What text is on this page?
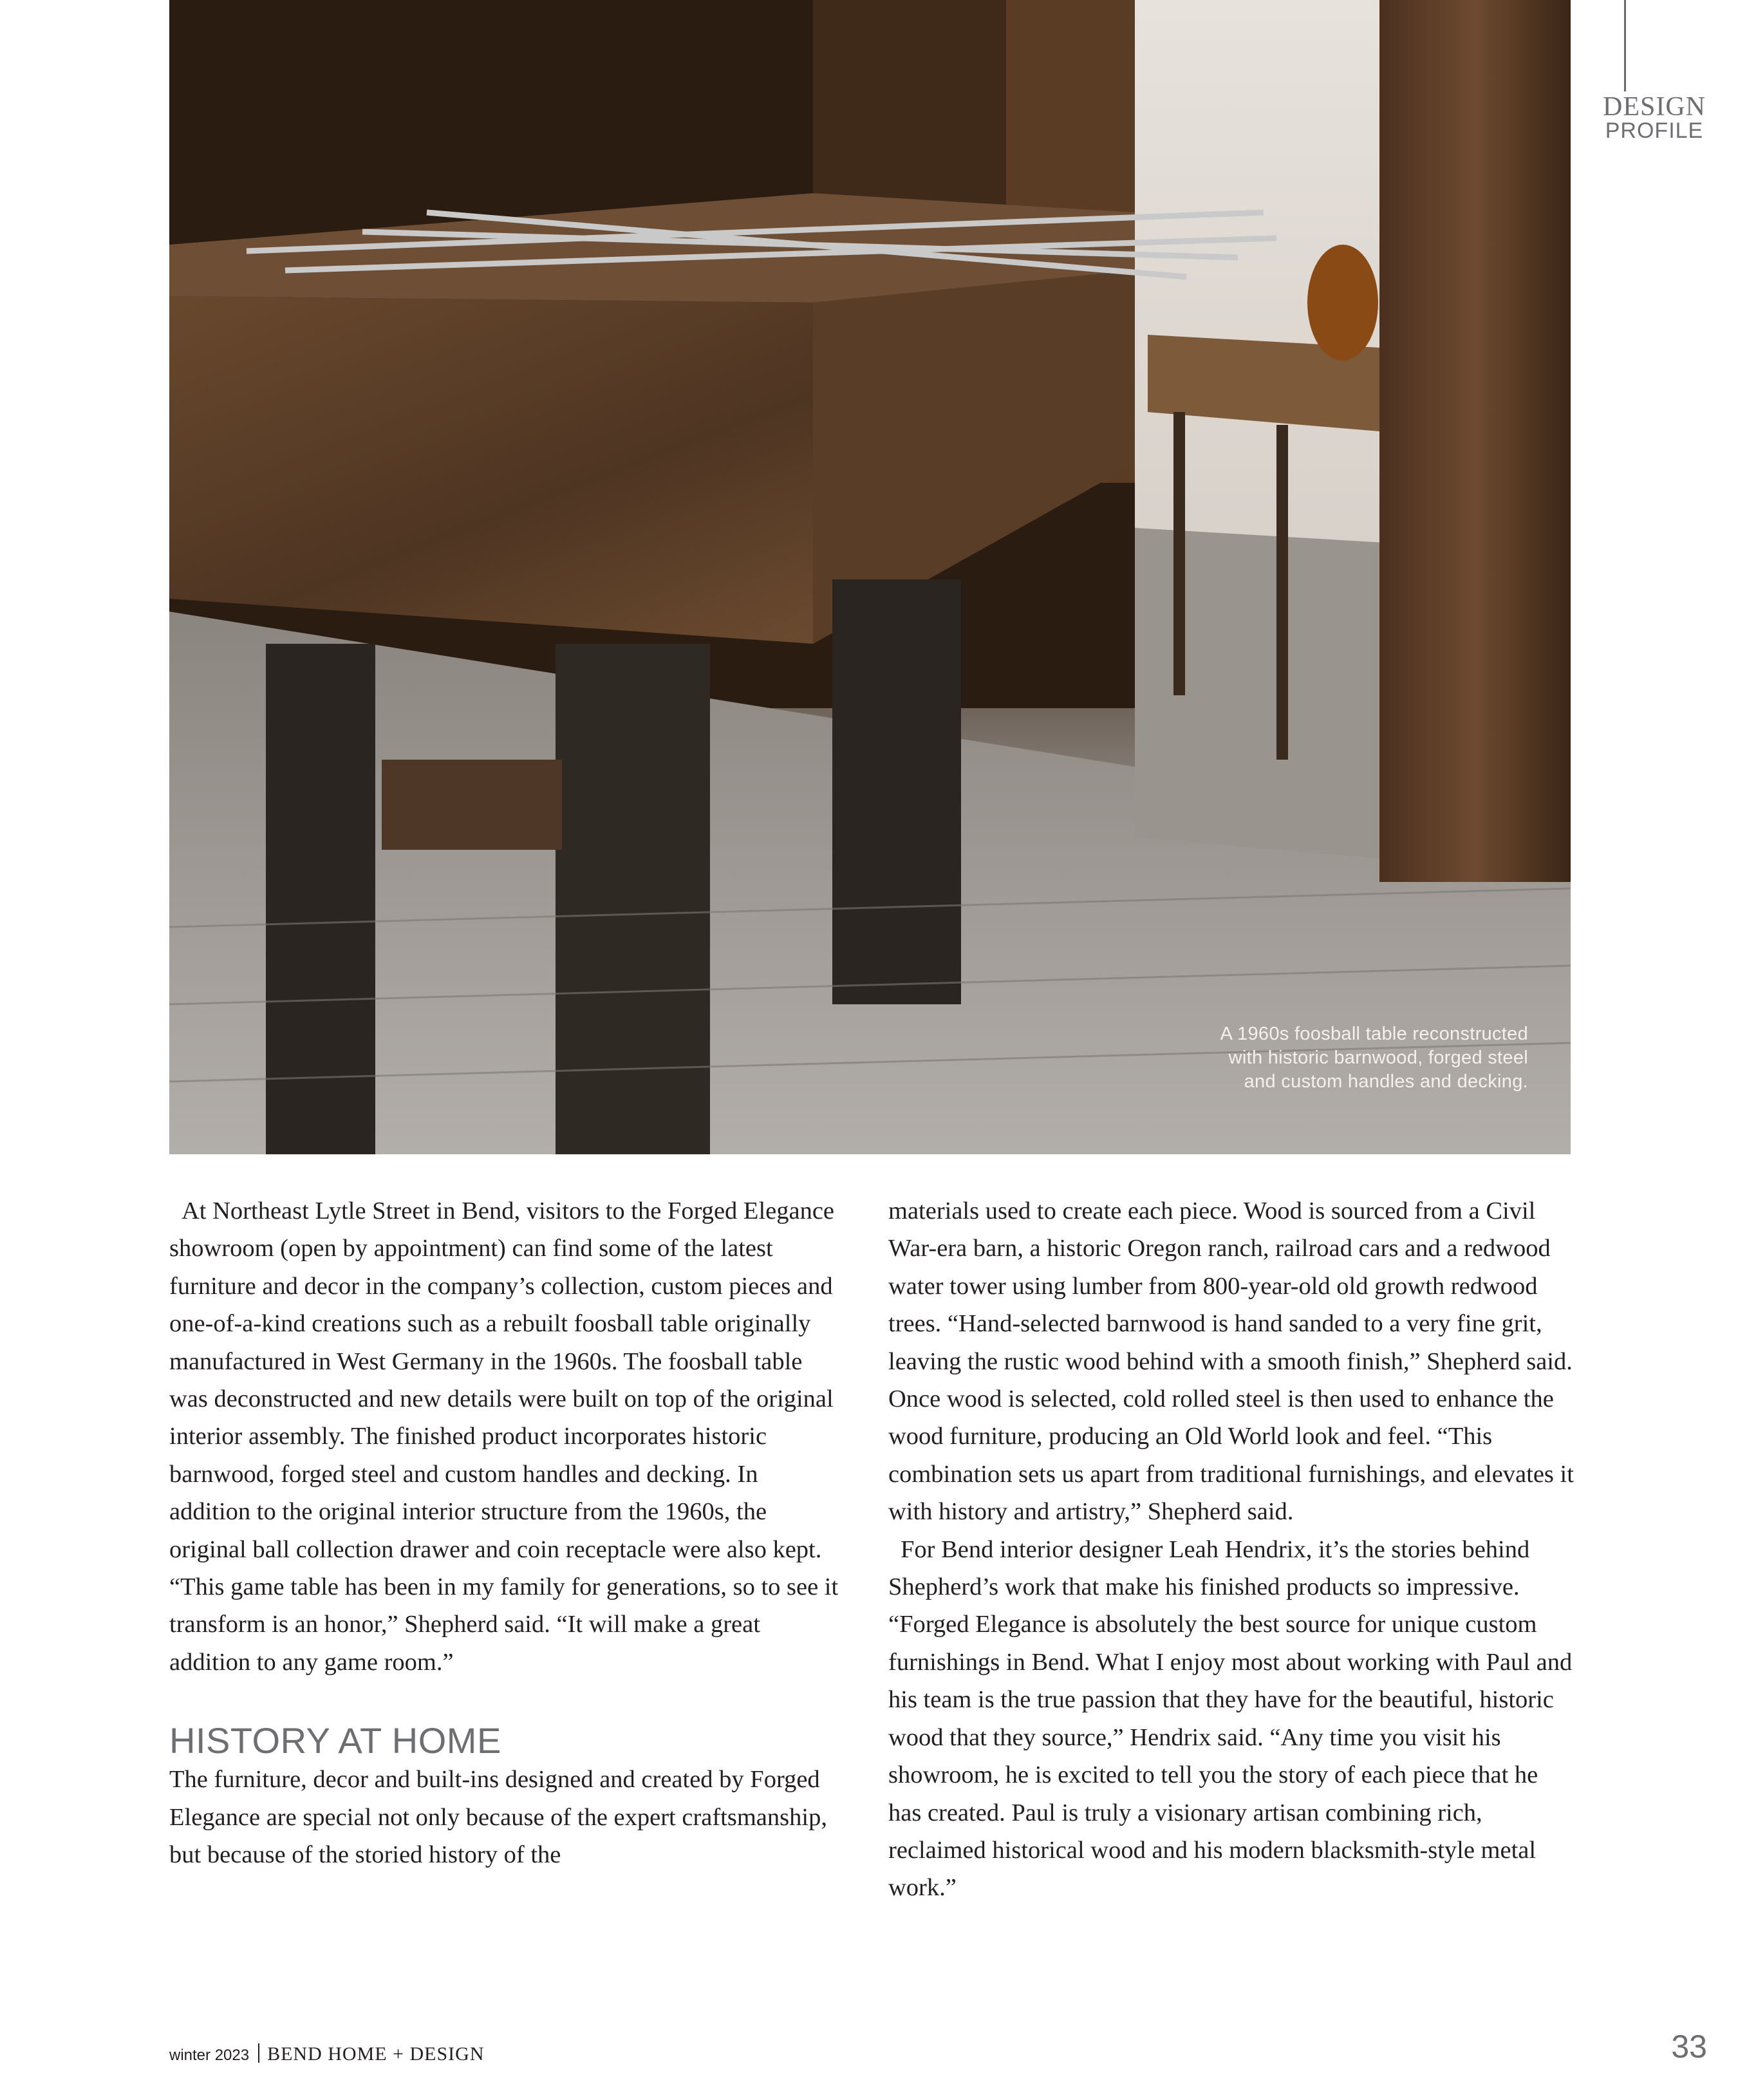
A 1960s foosball table reconstructed
with historic barnwood, forged steel
and custom handles and decking.
DESIGN
PROFILE

At Northeast Lytle Street in Bend, visitors to the Forged Elegance showroom (open by appointment) can find some of the latest furniture and decor in the company’s collection, custom pieces and one-of-a-kind creations such as a rebuilt foosball table originally manufactured in West Germany in the 1960s. The foosball table was deconstructed and new details were built on top of the original interior assembly. The finished product incorporates historic barnwood, forged steel and custom handles and decking. In addition to the original interior structure from the 1960s, the original ball collection drawer and coin receptacle were also kept. “This game table has been in my family for generations, so to see it transform is an honor,” Shepherd said. “It will make a great addition to any game room.”

HISTORY AT HOME

The furniture, decor and built-ins designed and created by Forged Elegance are special not only because of the expert craftsmanship, but because of the storied history of the

materials used to create each piece. Wood is sourced from a Civil War-era barn, a historic Oregon ranch, railroad cars and a redwood water tower using lumber from 800-year-old old growth redwood trees. “Hand-selected barnwood is hand sanded to a very fine grit, leaving the rustic wood behind with a smooth finish,” Shepherd said. Once wood is selected, cold rolled steel is then used to enhance the wood furniture, producing an Old World look and feel. “This combination sets us apart from traditional furnishings, and elevates it with history and artistry,” Shepherd said.

For Bend interior designer Leah Hendrix, it’s the stories behind Shepherd’s work that make his finished products so impressive. “Forged Elegance is absolutely the best source for unique custom furnishings in Bend. What I enjoy most about working with Paul and his team is the true passion that they have for the beautiful, historic wood that they source,” Hendrix said. “Any time you visit his showroom, he is excited to tell you the story of each piece that he has created. Paul is truly a visionary artisan combining rich, reclaimed historical wood and his modern blacksmith-style metal work.”

winter 2023 BEND HOME + DESIGN	33
